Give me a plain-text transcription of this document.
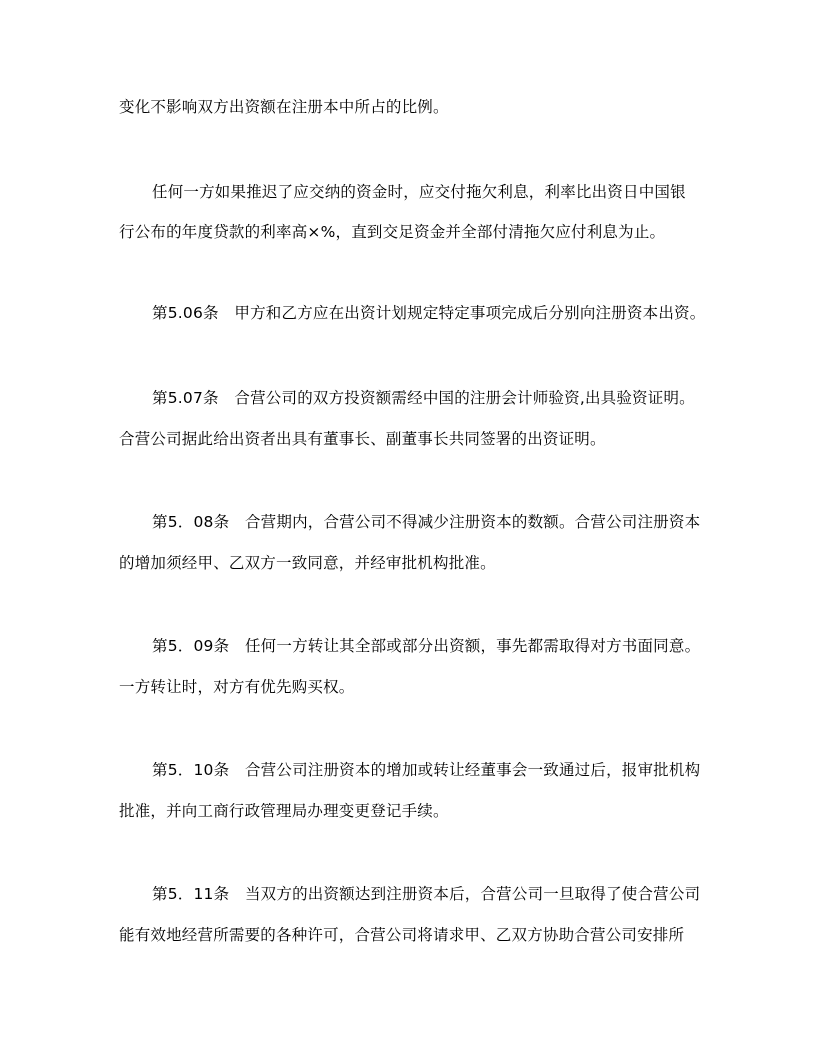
变化不影响双方出资额在注册本中所占的比例。
任何一方如果推迟了应交纳的资金时，应交付拖欠利息，利率比出资日中国银
行公布的年度贷款的利率高×%，直到交足资金并全部付清拖欠应付利息为止。
第5.06条　甲方和乙方应在出资计划规定特定事项完成后分别向注册资本出资。
第5.07条　合营公司的双方投资额需经中国的注册会计师验资,出具验资证明。
合营公司据此给出资者出具有董事长、副董事长共同签署的出资证明。
第5．08条　合营期内，合营公司不得减少注册资本的数额。合营公司注册资本
的增加须经甲、乙双方一致同意，并经审批机构批准。
第5．09条　任何一方转让其全部或部分出资额，事先都需取得对方书面同意。
一方转让时，对方有优先购买权。
第5．10条　合营公司注册资本的增加或转让经董事会一致通过后，报审批机构
批准，并向工商行政管理局办理变更登记手续。
第5．11条　当双方的出资额达到注册资本后，合营公司一旦取得了使合营公司
能有效地经营所需要的各种许可，合营公司将请求甲、乙双方协助合营公司安排所
